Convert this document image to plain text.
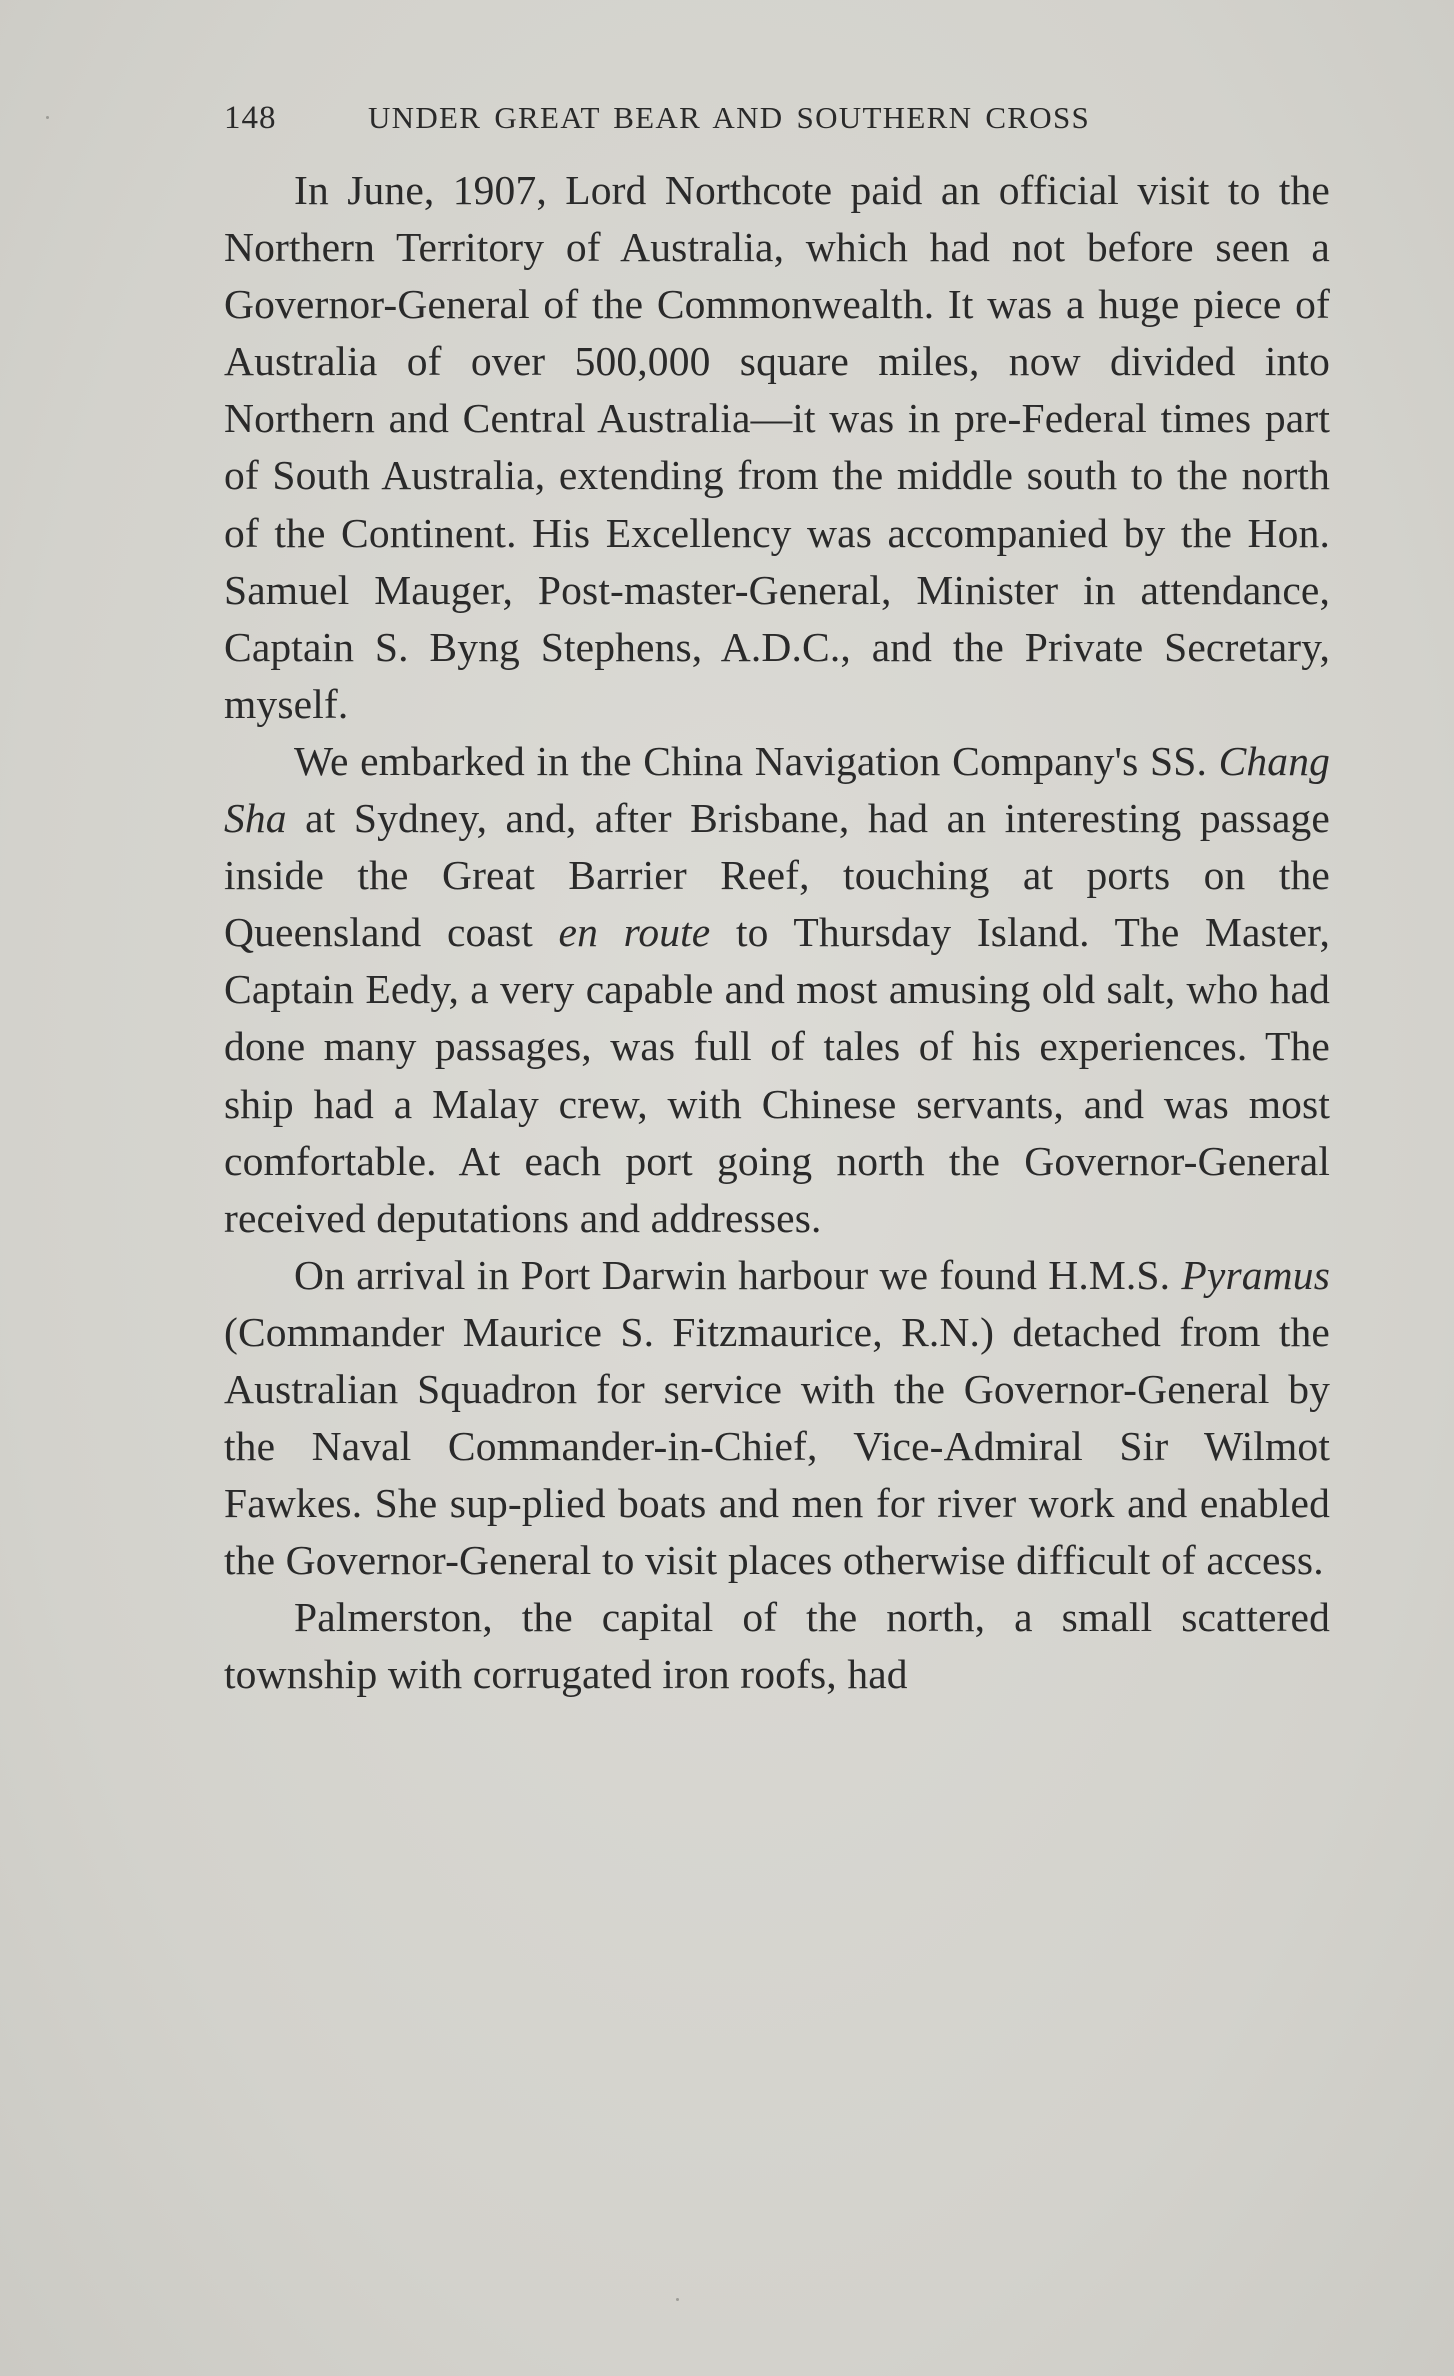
148	UNDER GREAT BEAR AND SOUTHERN CROSS

In June, 1907, Lord Northcote paid an official visit to the Northern Territory of Australia, which had not before seen a Governor-General of the Commonwealth. It was a huge piece of Australia of over 500,000 square miles, now divided into Northern and Central Australia—it was in pre-Federal times part of South Australia, extending from the middle south to the north of the Continent. His Excellency was accompanied by the Hon. Samuel Mauger, Post-master-General, Minister in attendance, Captain S. Byng Stephens, A.D.C., and the Private Secretary, myself.

We embarked in the China Navigation Company's SS. Chang Sha at Sydney, and, after Brisbane, had an interesting passage inside the Great Barrier Reef, touching at ports on the Queensland coast en route to Thursday Island. The Master, Captain Eedy, a very capable and most amusing old salt, who had done many passages, was full of tales of his experiences. The ship had a Malay crew, with Chinese servants, and was most comfortable. At each port going north the Governor-General received deputations and addresses.

On arrival in Port Darwin harbour we found H.M.S. Pyramus (Commander Maurice S. Fitzmaurice, R.N.) detached from the Australian Squadron for service with the Governor-General by the Naval Commander-in-Chief, Vice-Admiral Sir Wilmot Fawkes. She sup-plied boats and men for river work and enabled the Governor-General to visit places otherwise difficult of access.

Palmerston, the capital of the north, a small scattered township with corrugated iron roofs, had
